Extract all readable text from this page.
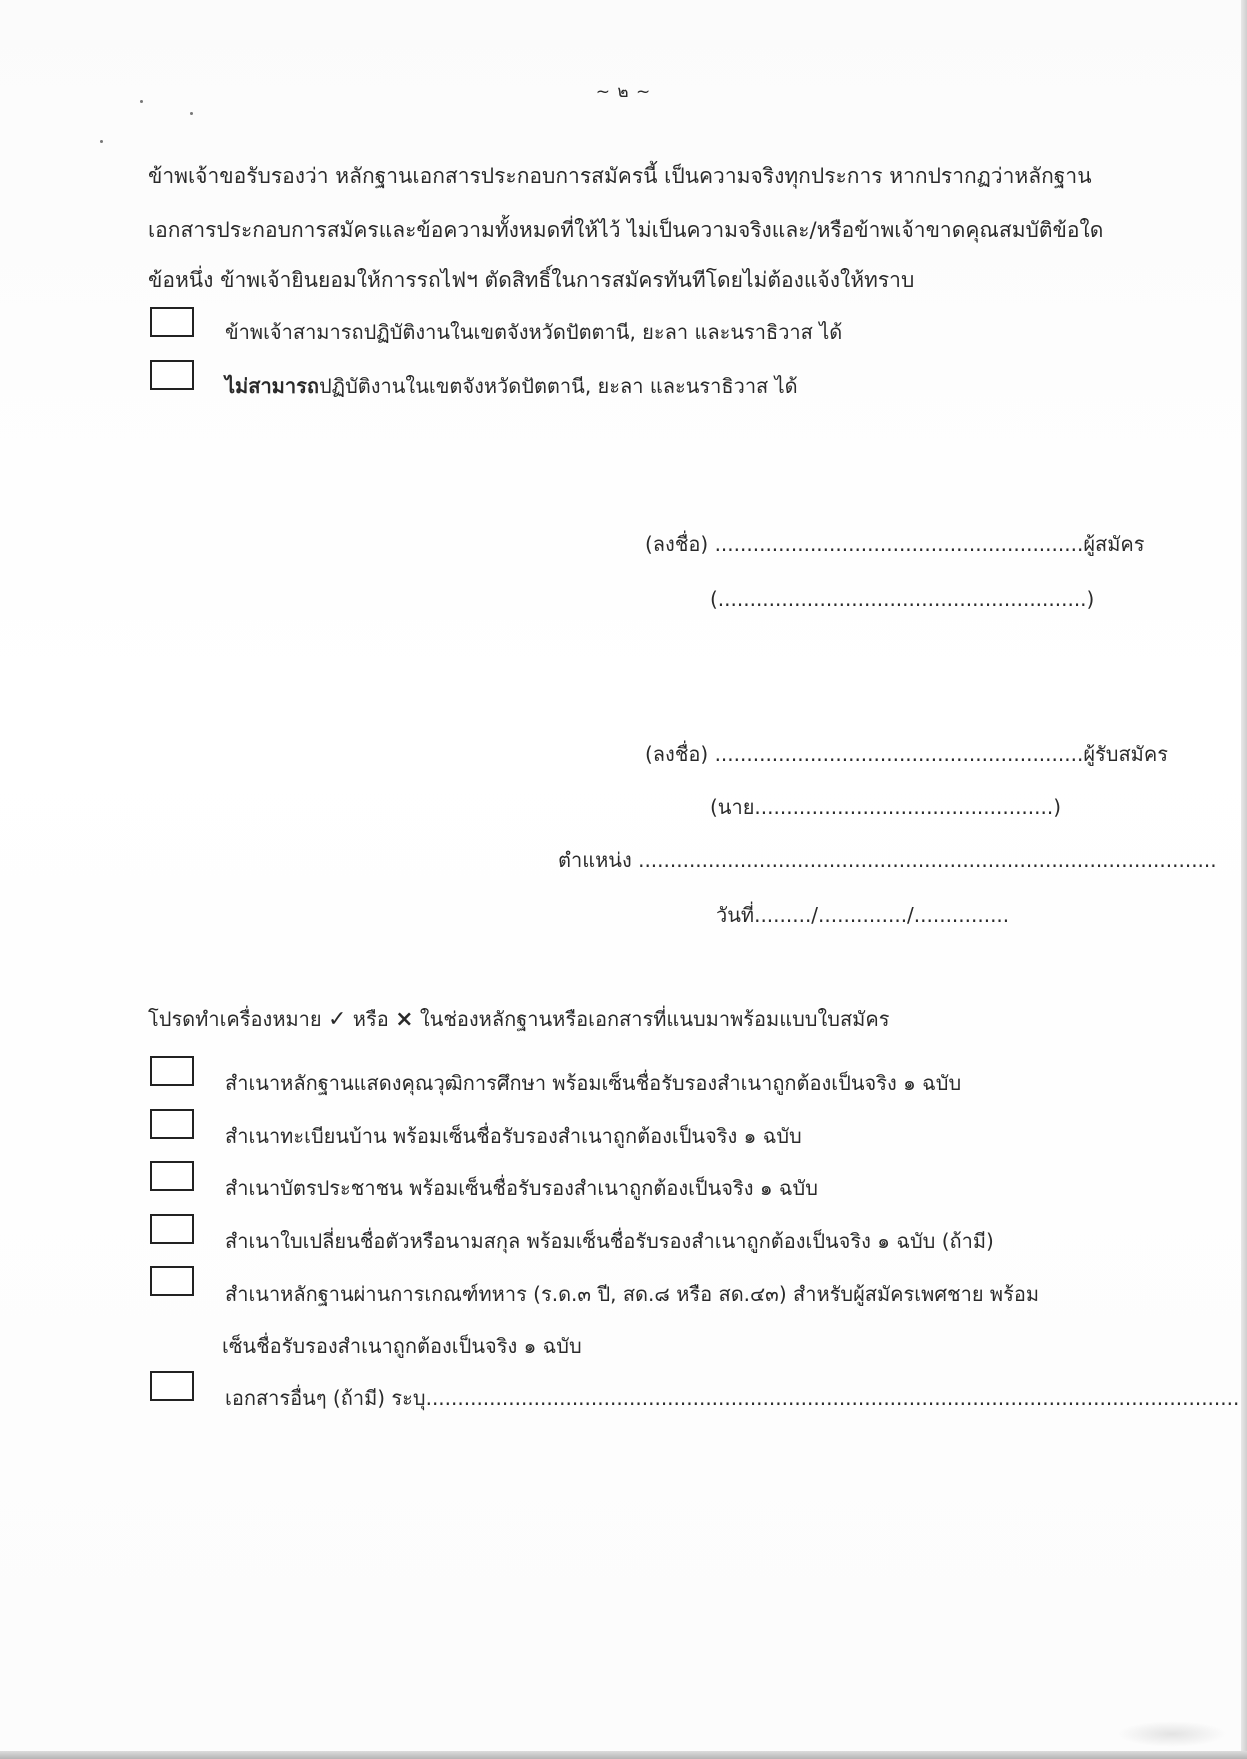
~ ๒ ~
ข้าพเจ้าขอรับรองว่า หลักฐานเอกสารประกอบการสมัครนี้ เป็นความจริงทุกประการ หากปรากฏว่าหลักฐาน
เอกสารประกอบการสมัครและข้อความทั้งหมดที่ให้ไว้ ไม่เป็นความจริงและ/หรือข้าพเจ้าขาดคุณสมบัติข้อใด
ข้อหนึ่ง ข้าพเจ้ายินยอมให้การรถไฟฯ ตัดสิทธิ์ในการสมัครทันทีโดยไม่ต้องแจ้งให้ทราบ
ข้าพเจ้าสามารถปฏิบัติงานในเขตจังหวัดปัตตานี, ยะลา และนราธิวาส ได้
ไม่สามารถปฏิบัติงานในเขตจังหวัดปัตตานี, ยะลา และนราธิวาส ได้
(ลงชื่อ) ..........................................................ผู้สมัคร
(..........................................................)
(ลงชื่อ) ..........................................................ผู้รับสมัคร
(นาย...............................................)
ตำแหน่ง ...........................................................................................
วันที่........./............../...............
โปรดทำเครื่องหมาย ✓ หรือ × ในช่องหลักฐานหรือเอกสารที่แนบมาพร้อมแบบใบสมัคร
สำเนาหลักฐานแสดงคุณวุฒิการศึกษา พร้อมเซ็นชื่อรับรองสำเนาถูกต้องเป็นจริง ๑ ฉบับ
สำเนาทะเบียนบ้าน พร้อมเซ็นชื่อรับรองสำเนาถูกต้องเป็นจริง ๑ ฉบับ
สำเนาบัตรประชาชน พร้อมเซ็นชื่อรับรองสำเนาถูกต้องเป็นจริง ๑ ฉบับ
สำเนาใบเปลี่ยนชื่อตัวหรือนามสกุล พร้อมเซ็นชื่อรับรองสำเนาถูกต้องเป็นจริง ๑ ฉบับ (ถ้ามี)
สำเนาหลักฐานผ่านการเกณฑ์ทหาร (ร.ด.๓ ปี, สด.๘ หรือ สด.๔๓) สำหรับผู้สมัครเพศชาย พร้อม
เซ็นชื่อรับรองสำเนาถูกต้องเป็นจริง ๑ ฉบับ
เอกสารอื่นๆ (ถ้ามี) ระบุ................................................................................................................................
